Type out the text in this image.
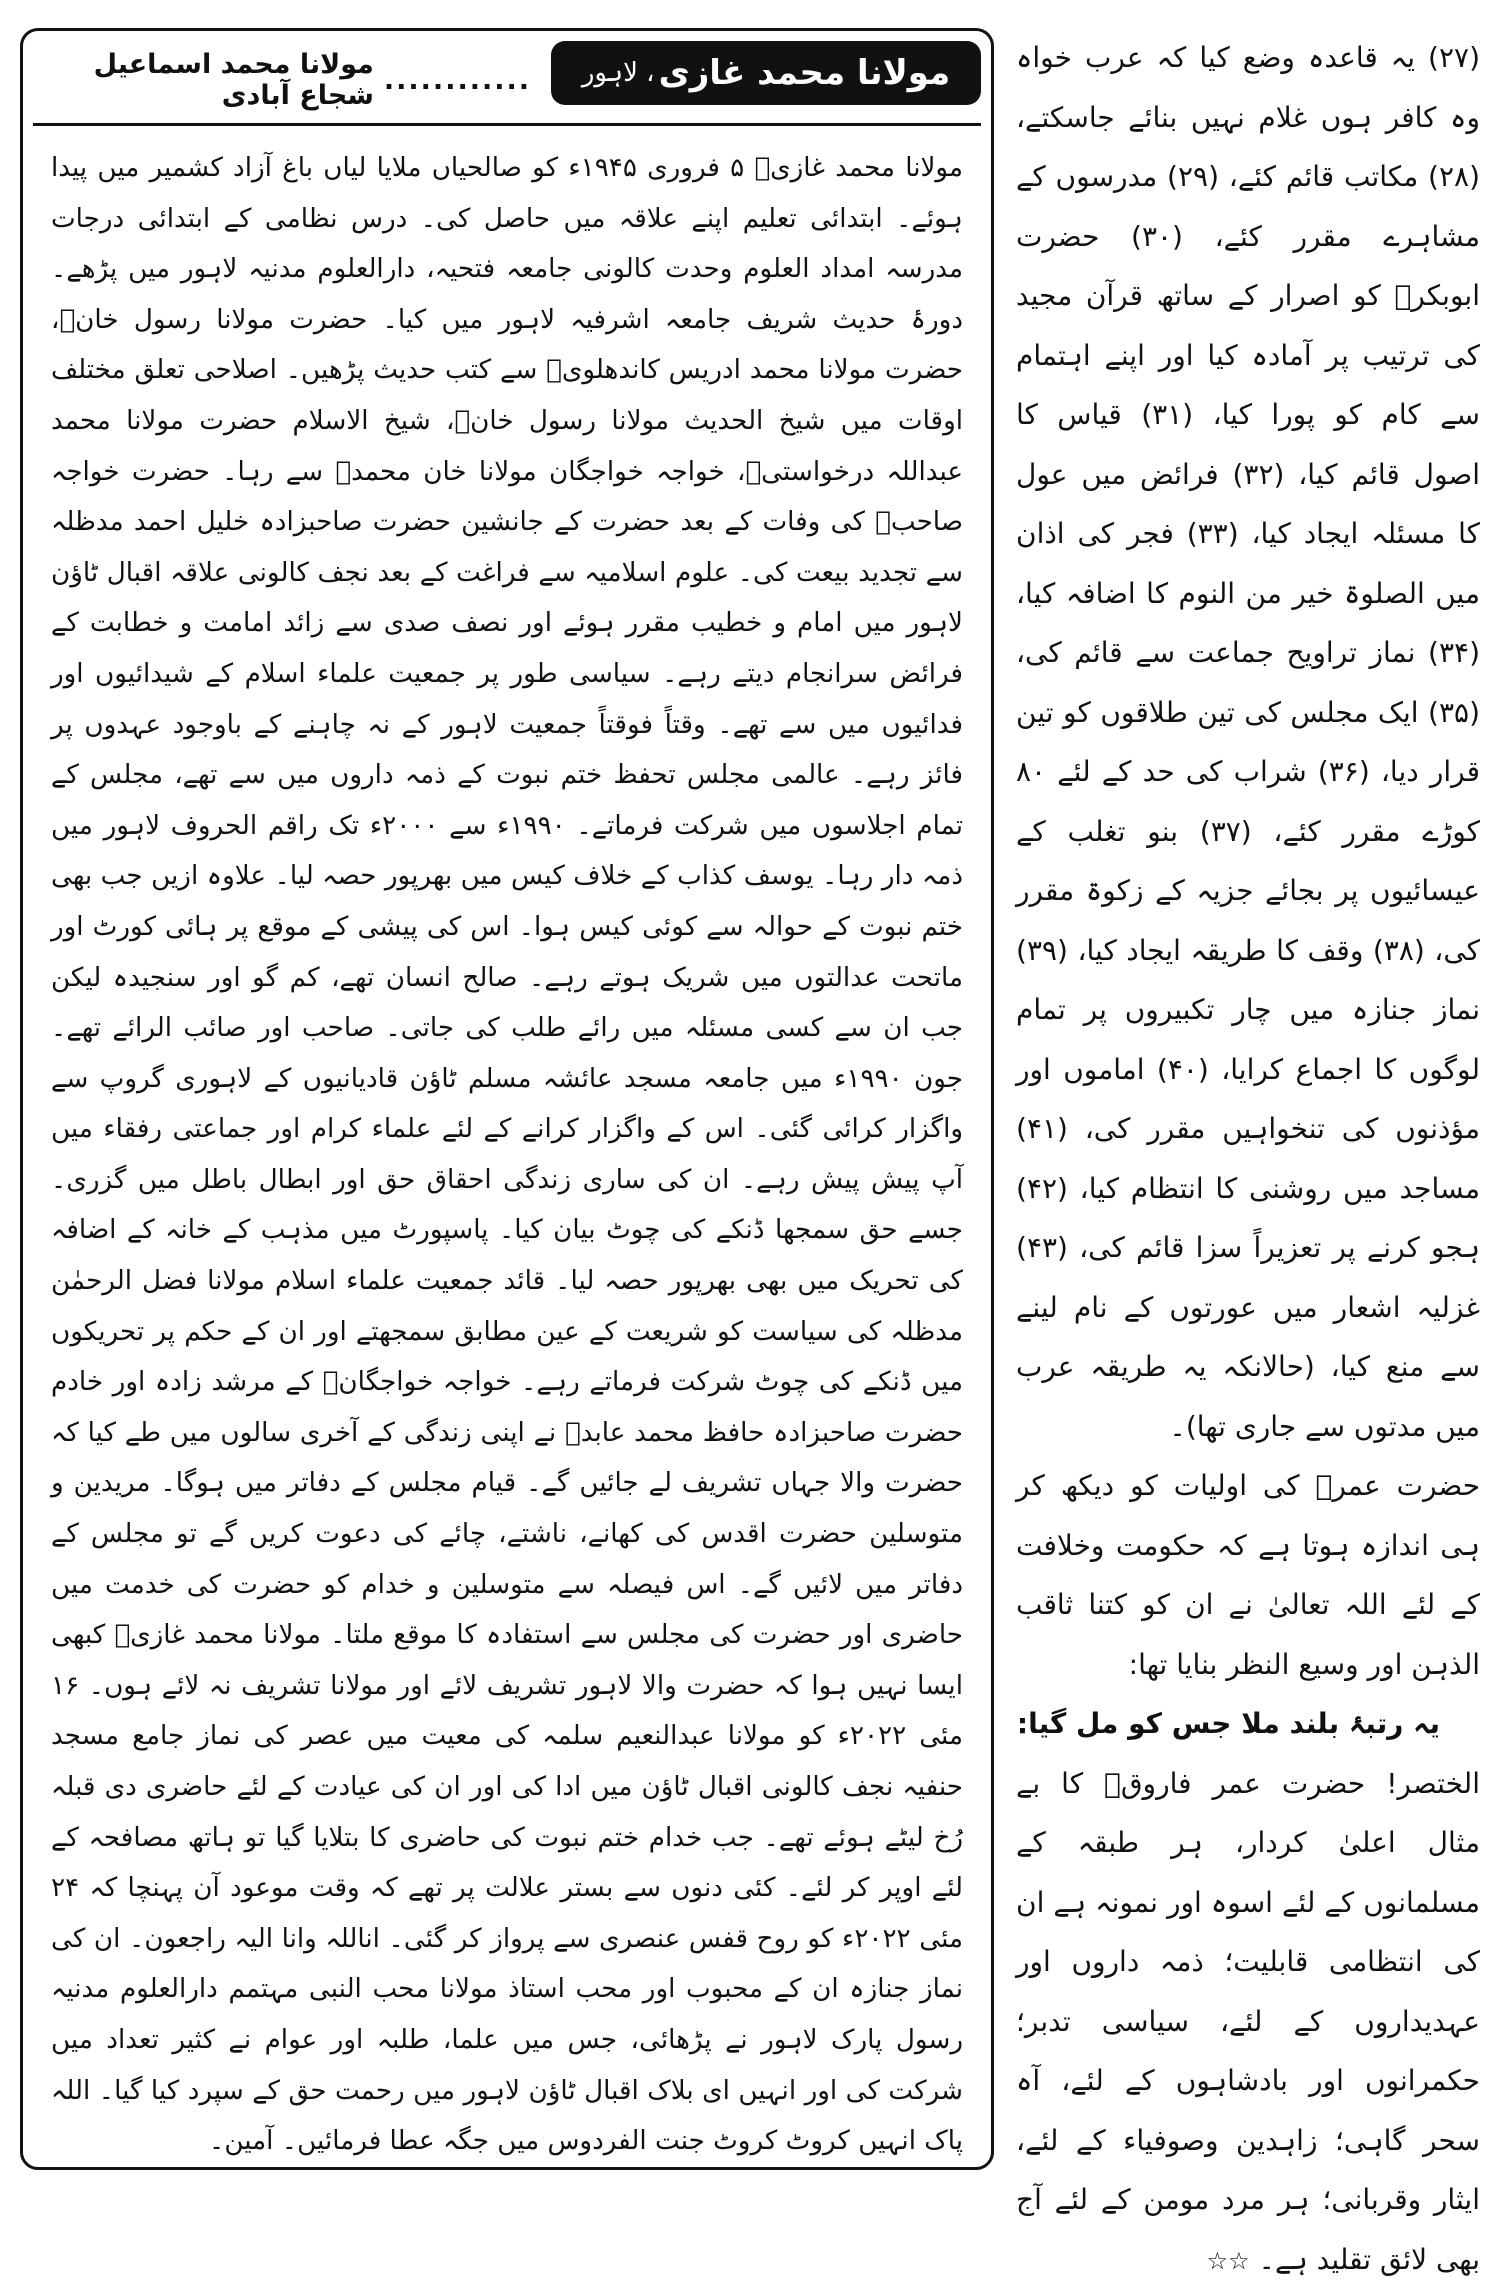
مولانا محمد غازی
، لاہور
............
مولانا محمد اسماعیل شجاع آبادی

مولانا محمد غازیؒ ۵ فروری ۱۹۴۵ء کو صالحیاں ملایا لیاں باغ آزاد کشمیر میں پیدا ہوئے۔ ابتدائی تعلیم اپنے علاقہ میں حاصل کی۔ درس نظامی کے ابتدائی درجات مدرسہ امداد العلوم وحدت کالونی جامعہ فتحیہ، دارالعلوم مدنیہ لاہور میں پڑھے۔ دورۂ حدیث شریف جامعہ اشرفیہ لاہور میں کیا۔ حضرت مولانا رسول خانؒ، حضرت مولانا محمد ادریس کاندھلویؒ سے کتب حدیث پڑھیں۔ اصلاحی تعلق مختلف اوقات میں شیخ الحدیث مولانا رسول خانؒ، شیخ الاسلام حضرت مولانا محمد عبداللہ درخواستیؒ، خواجہ خواجگان مولانا خان محمدؒ سے رہا۔ حضرت خواجہ صاحبؒ کی وفات کے بعد حضرت کے جانشین حضرت صاحبزادہ خلیل احمد مدظلہ سے تجدید بیعت کی۔ علوم اسلامیہ سے فراغت کے بعد نجف کالونی علاقہ اقبال ٹاؤن لاہور میں امام و خطیب مقرر ہوئے اور نصف صدی سے زائد امامت و خطابت کے فرائض سرانجام دیتے رہے۔ سیاسی طور پر جمعیت علماء اسلام کے شیدائیوں اور فدائیوں میں سے تھے۔ وقتاً فوقتاً جمعیت لاہور کے نہ چاہنے کے باوجود عہدوں پر فائز رہے۔ عالمی مجلس تحفظ ختم نبوت کے ذمہ داروں میں سے تھے، مجلس کے تمام اجلاسوں میں شرکت فرماتے۔ ۱۹۹۰ء سے ۲۰۰۰ء تک راقم الحروف لاہور میں ذمہ دار رہا۔ یوسف کذاب کے خلاف کیس میں بھرپور حصہ لیا۔ علاوہ ازیں جب بھی ختم نبوت کے حوالہ سے کوئی کیس ہوا۔ اس کی پیشی کے موقع پر ہائی کورٹ اور ماتحت عدالتوں میں شریک ہوتے رہے۔ صالح انسان تھے، کم گو اور سنجیدہ لیکن جب ان سے کسی مسئلہ میں رائے طلب کی جاتی۔ صاحب اور صائب الرائے تھے۔ جون ۱۹۹۰ء میں جامعہ مسجد عائشہ مسلم ٹاؤن قادیانیوں کے لاہوری گروپ سے واگزار کرائی گئی۔ اس کے واگزار کرانے کے لئے علماء کرام اور جماعتی رفقاء میں آپ پیش پیش رہے۔ ان کی ساری زندگی احقاق حق اور ابطال باطل میں گزری۔ جسے حق سمجھا ڈنکے کی چوٹ بیان کیا۔ پاسپورٹ میں مذہب کے خانہ کے اضافہ کی تحریک میں بھی بھرپور حصہ لیا۔ قائد جمعیت علماء اسلام مولانا فضل الرحمٰن مدظلہ کی سیاست کو شریعت کے عین مطابق سمجھتے اور ان کے حکم پر تحریکوں میں ڈنکے کی چوٹ شرکت فرماتے رہے۔ خواجہ خواجگانؒ کے مرشد زادہ اور خادم حضرت صاحبزادہ حافظ محمد عابدؒ نے اپنی زندگی کے آخری سالوں میں طے کیا کہ حضرت والا جہاں تشریف لے جائیں گے۔ قیام مجلس کے دفاتر میں ہوگا۔ مریدین و متوسلین حضرت اقدس کی کھانے، ناشتے، چائے کی دعوت کریں گے تو مجلس کے دفاتر میں لائیں گے۔ اس فیصلہ سے متوسلین و خدام کو حضرت کی خدمت میں حاضری اور حضرت کی مجلس سے استفادہ کا موقع ملتا۔ مولانا محمد غازیؒ کبھی ایسا نہیں ہوا کہ حضرت والا لاہور تشریف لائے اور مولانا تشریف نہ لائے ہوں۔ ۱۶ مئی ۲۰۲۲ء کو مولانا عبدالنعیم سلمہ کی معیت میں عصر کی نماز جامع مسجد حنفیہ نجف کالونی اقبال ٹاؤن میں ادا کی اور ان کی عیادت کے لئے حاضری دی قبلہ رُخ لیٹے ہوئے تھے۔ جب خدام ختم نبوت کی حاضری کا بتلایا گیا تو ہاتھ مصافحہ کے لئے اوپر کر لئے۔ کئی دنوں سے بستر علالت پر تھے کہ وقت موعود آن پہنچا کہ ۲۴ مئی ۲۰۲۲ء کو روح قفس عنصری سے پرواز کر گئی۔ اناللہ وانا الیہ راجعون۔ ان کی نماز جنازہ ان کے محبوب اور محب استاذ مولانا محب النبی مہتمم دارالعلوم مدنیہ رسول پارک لاہور نے پڑھائی، جس میں علما، طلبہ اور عوام نے کثیر تعداد میں شرکت کی اور انہیں ای بلاک اقبال ٹاؤن لاہور میں رحمت حق کے سپرد کیا گیا۔ اللہ پاک انہیں کروٹ کروٹ جنت الفردوس میں جگہ عطا فرمائیں۔ آمین۔

(۲۷) یہ قاعدہ وضع کیا کہ عرب خواہ وہ کافر ہوں غلام نہیں بنائے جاسکتے، (۲۸) مکاتب قائم کئے، (۲۹) مدرسوں کے مشاہرے مقرر کئے، (۳۰) حضرت ابوبکرؓ کو اصرار کے ساتھ قرآن مجید کی ترتیب پر آمادہ کیا اور اپنے اہتمام سے کام کو پورا کیا، (۳۱) قیاس کا اصول قائم کیا، (۳۲) فرائض میں عول کا مسئلہ ایجاد کیا، (۳۳) فجر کی اذان میں الصلوۃ خیر من النوم کا اضافہ کیا، (۳۴) نماز تراویح جماعت سے قائم کی، (۳۵) ایک مجلس کی تین طلاقوں کو تین قرار دیا، (۳۶) شراب کی حد کے لئے ۸۰ کوڑے مقرر کئے، (۳۷) بنو تغلب کے عیسائیوں پر بجائے جزیہ کے زکوۃ مقرر کی، (۳۸) وقف کا طریقہ ایجاد کیا، (۳۹) نماز جنازہ میں چار تکبیروں پر تمام لوگوں کا اجماع کرایا، (۴۰) اماموں اور مؤذنوں کی تنخواہیں مقرر کی، (۴۱) مساجد میں روشنی کا انتظام کیا، (۴۲) ہجو کرنے پر تعزیراً سزا قائم کی، (۴۳) غزلیہ اشعار میں عورتوں کے نام لینے سے منع کیا، (حالانکہ یہ طریقہ عرب میں مدتوں سے جاری تھا)۔

حضرت عمرؓ کی اولیات کو دیکھ کر ہی اندازہ ہوتا ہے کہ حکومت وخلافت کے لئے اللہ تعالیٰ نے ان کو کتنا ثاقب الذہن اور وسیع النظر بنایا تھا:

یہ رتبۂ بلند ملا جس کو مل گیا:

الختصر! حضرت عمر فاروقؓ کا بے مثال اعلیٰ کردار، ہر طبقہ کے مسلمانوں کے لئے اسوہ اور نمونہ ہے ان کی انتظامی قابلیت؛ ذمہ داروں اور عہدیداروں کے لئے، سیاسی تدبر؛ حکمرانوں اور بادشاہوں کے لئے، آہ سحر گاہی؛ زاہدین وصوفیاء کے لئے، ایثار وقربانی؛ ہر مرد مومن کے لئے آج بھی لائق تقلید ہے۔ ☆☆
